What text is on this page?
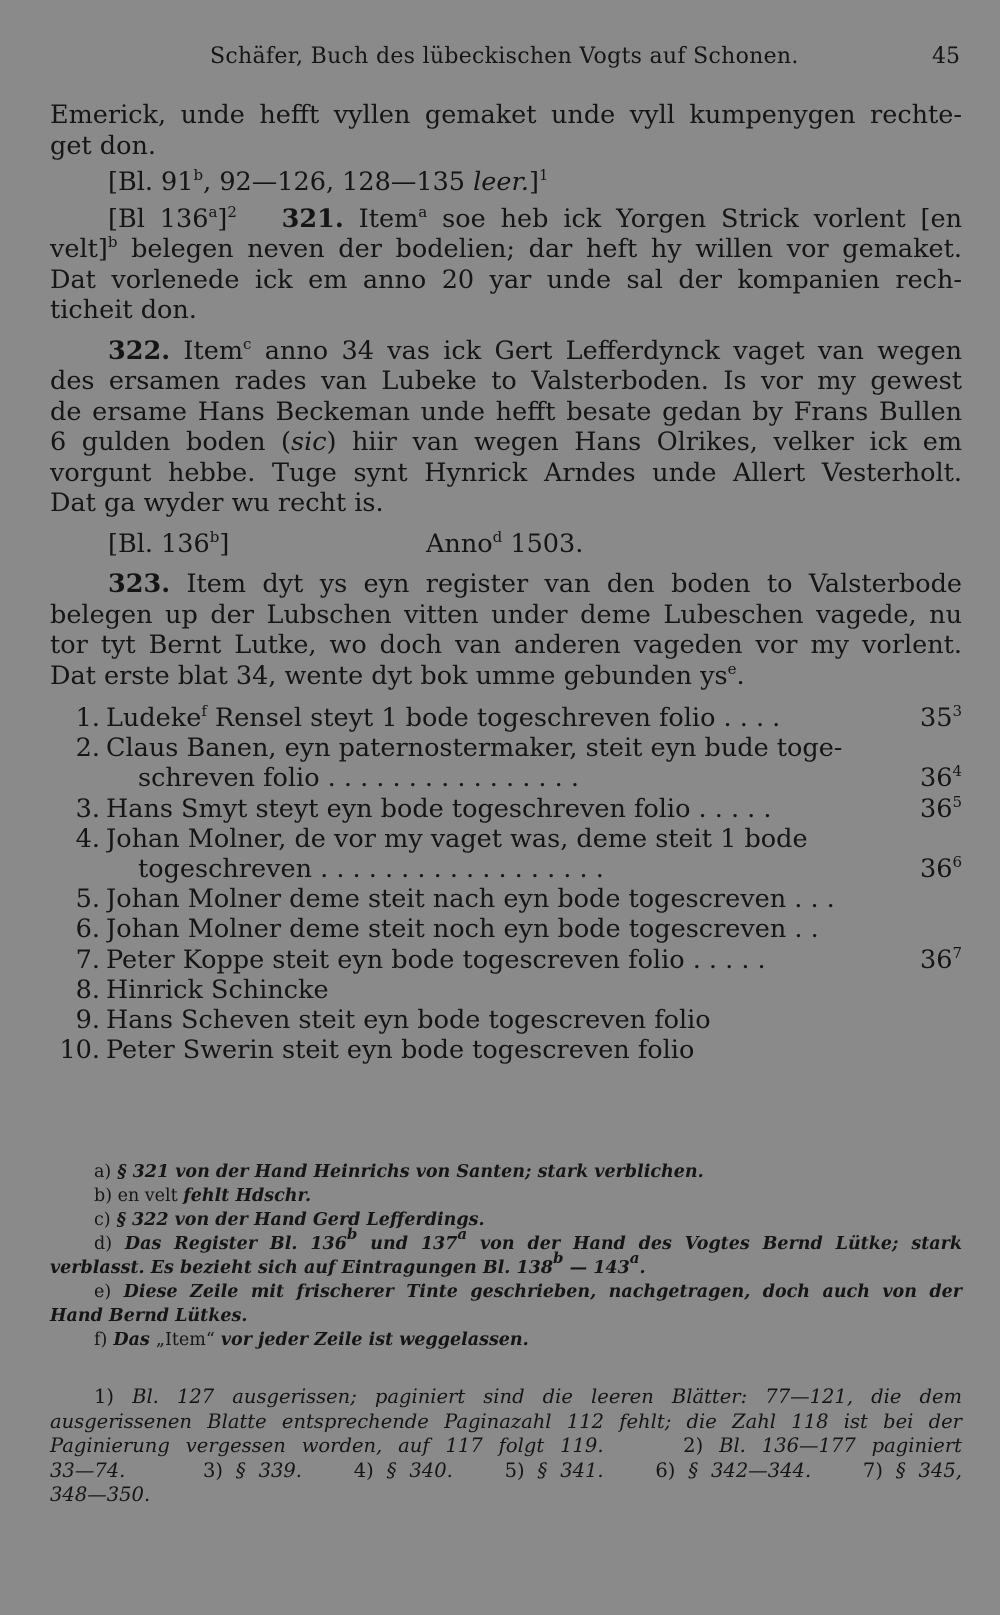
Schäfer, Buch des lübeckischen Vogts auf Schonen.	45

Emerick, unde hefft vyllen gemaket unde vyll kumpenygen rechte-

get don.

[Bl. 91$^b$, 92—126, 128—135 leer.]$^1$

[Bl 136$^a$]$^2$ 321. Item$^a$ soe heb ick Yorgen Strick vorlent [en

velt]$^b$ belegen neven der bodelien; dar heft hy willen vor gemaket.

Dat vorlenede ick em anno 20 yar unde sal der kompanien rech-

ticheit don.

322. Item$^c$ anno 34 vas ick Gert Lefferdynck vaget van wegen

des ersamen rades van Lubeke to Valsterboden. Is vor my gewest

de ersame Hans Beckeman unde hefft besate gedan by Frans Bullen

6 gulden boden (sic) hiir van wegen Hans Olrikes, velker ick em

vorgunt hebbe. Tuge synt Hynrick Arndes unde Allert Vesterholt.

Dat ga wyder wu recht is.

[Bl. 136$^b$]	Anno$^d$ 1503.

323. Item dyt ys eyn register van den boden to Valsterbode

belegen up der Lubschen vitten under deme Lubeschen vagede, nu

tor tyt Bernt Lutke, wo doch van anderen vageden vor my vorlent.

Dat erste blat 34, wente dyt bok umme gebunden $ys^e$.

1. Ludeke$^f$ Rensel steyt 1 bode togeschreven folio . . . .	$35^3$
2. Claus Banen, eyn paternostermaker, steit eyn bude toge-
schreven folio . . . . . . . . . . . . . . . .	$36^4$
3. Hans Smyt steyt eyn bode togeschreven folio . . . . .	$36^5$
4. Johan Molner, de vor my vaget was, deme steit 1 bode
togeschreven . . . . . . . . . . . . . . . . . .	$36^6$
5. Johan Molner deme steit nach eyn bode togescreven . . .
6. Johan Molner deme steit noch eyn bode togescreven . .
7. Peter Koppe steit eyn bode togescreven folio . . . . .	$36^7$
8. Hinrick Schincke
9. Hans Scheven steit eyn bode togescreven folio
10. Peter Swerin steit eyn bode togescreven folio

a) § 321 von der Hand Heinrichs von Santen; stark verblichen.

b) en velt fehlt Hdschr.

c) § 322 von der Hand Gerd Lefferdings.

d) Das Register Bl. 136$^b$ und 137$^a$ von der Hand des Vogtes Bernd Lütke; stark

verblasst. Es bezieht sich auf Eintragungen Bl. 138$^b$ — 143$^a$.

e) Diese Zeile mit frischerer Tinte geschrieben, nachgetragen, doch auch von der

Hand Bernd Lütkes.

f) Das „Item“ vor jeder Zeile ist weggelassen.

1) Bl. 127 ausgerissen; paginiert sind die leeren Blätter: 77—121, die dem

ausgerissenen Blatte entsprechende Paginazahl 112 fehlt; die Zahl 118 ist bei der

Paginierung vergessen worden, auf 117 folgt 119.	2) Bl. 136—177 paginiert

33—74.	3) § 339.	4) § 340.	5) § 341.	6) § 342—344.	7) § 345,

348—350.
